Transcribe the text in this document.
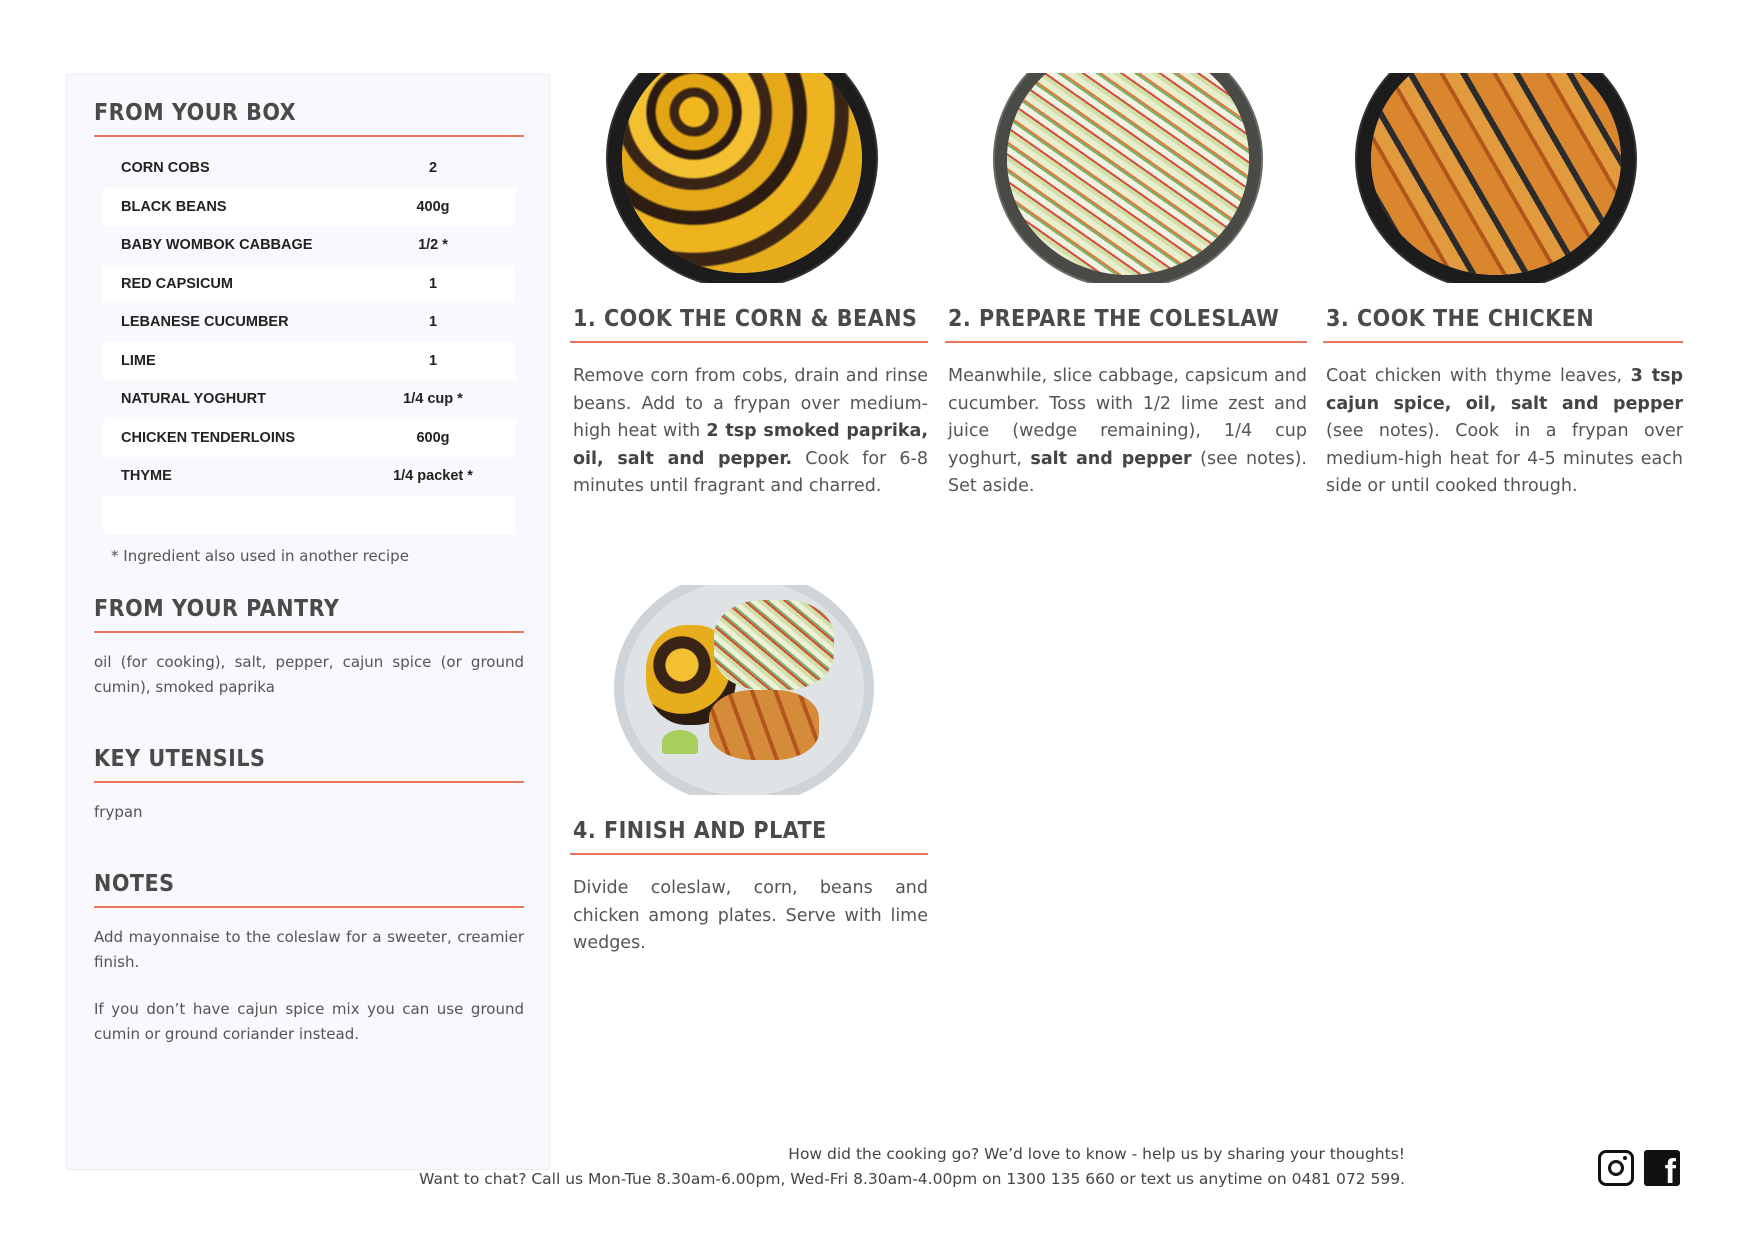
FROM YOUR BOX
CORN COBS	2
BLACK BEANS	400g
BABY WOMBOK CABBAGE	1/2 *
RED CAPSICUM	1
LEBANESE CUCUMBER	1
LIME	1
NATURAL YOGHURT	1/4 cup *
CHICKEN TENDERLOINS	600g
THYME	1/4 packet *
* Ingredient also used in another recipe
FROM YOUR PANTRY
oil (for cooking), salt, pepper, cajun spice (or ground cumin), smoked paprika
KEY UTENSILS
frypan
NOTES
Add mayonnaise to the coleslaw for a sweeter, creamier finish.
If you don’t have cajun spice mix you can use ground cumin or ground coriander instead.
1. COOK THE CORN & BEANS
Remove corn from cobs, drain and rinse beans. Add to a frypan over medium-high heat with 2 tsp smoked paprika, oil, salt and pepper. Cook for 6-8 minutes until fragrant and charred.
2. PREPARE THE COLESLAW
Meanwhile, slice cabbage, capsicum and cucumber. Toss with 1/2 lime zest and juice (wedge remaining), 1/4 cup yoghurt, salt and pepper (see notes). Set aside.
3. COOK THE CHICKEN
Coat chicken with thyme leaves, 3 tsp cajun spice, oil, salt and pepper (see notes). Cook in a frypan over medium-high heat for 4-5 minutes each side or until cooked through.
4. FINISH AND PLATE
Divide coleslaw, corn, beans and chicken among plates. Serve with lime wedges.
How did the cooking go? We’d love to know - help us by sharing your thoughts!
Want to chat? Call us Mon-Tue 8.30am-6.00pm, Wed-Fri 8.30am-4.00pm on 1300 135 660 or text us anytime on 0481 072 599.	f
